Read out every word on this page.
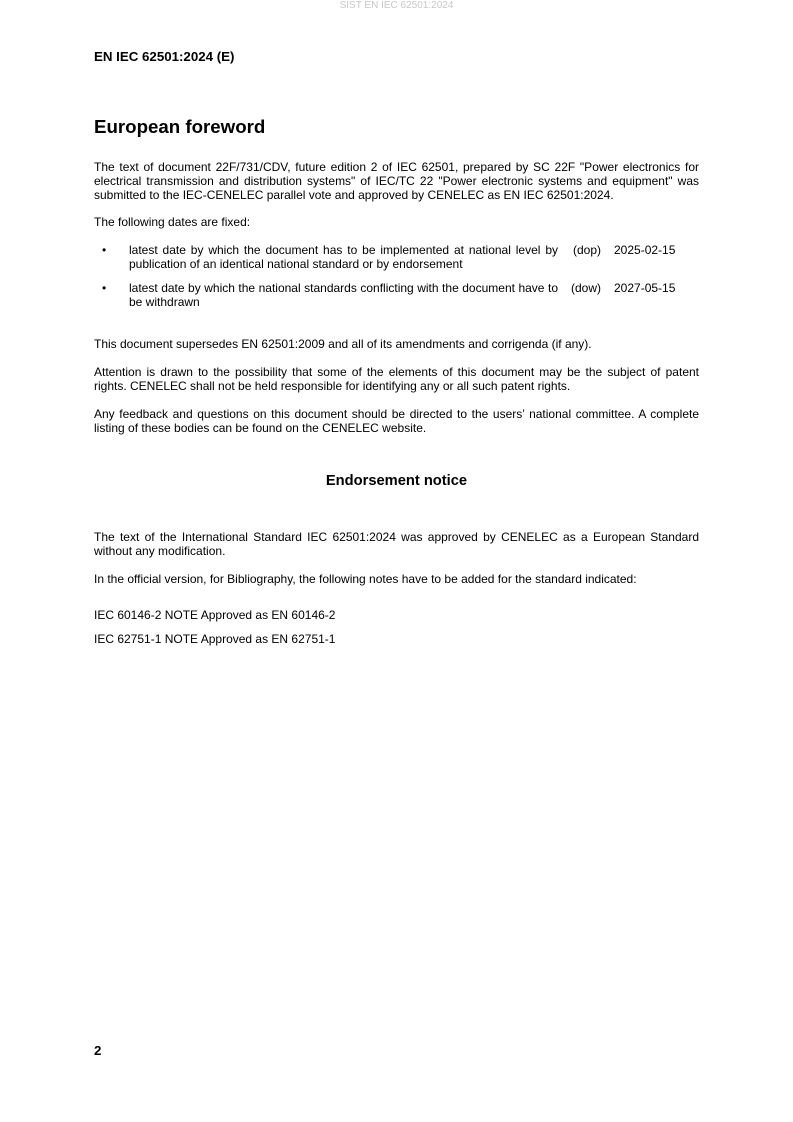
SIST EN IEC 62501:2024
EN IEC 62501:2024 (E)
European foreword

The text of document 22F/731/CDV, future edition 2 of IEC 62501, prepared by SC 22F "Power electronics for electrical transmission and distribution systems" of IEC/TC 22 "Power electronic systems and equipment" was submitted to the IEC-CENELEC parallel vote and approved by CENELEC as EN IEC 62501:2024.

The following dates are fixed:

•	latest date by which the document has to be implemented at national level by publication of an identical national standard or by endorsement
(dop)	2025-02-15
•	latest date by which the national standards conflicting with the document have to be withdrawn
(dow)	2027-05-15

This document supersedes EN 62501:2009 and all of its amendments and corrigenda (if any).

Attention is drawn to the possibility that some of the elements of this document may be the subject of patent rights. CENELEC shall not be held responsible for identifying any or all such patent rights.

Any feedback and questions on this document should be directed to the users’ national committee. A complete listing of these bodies can be found on the CENELEC website.

Endorsement notice

The text of the International Standard IEC 62501:2024 was approved by CENELEC as a European Standard without any modification.

In the official version, for Bibliography, the following notes have to be added for the standard indicated:

IEC 60146-2 NOTE Approved as EN 60146-2
IEC 62751-1 NOTE Approved as EN 62751-1
2
